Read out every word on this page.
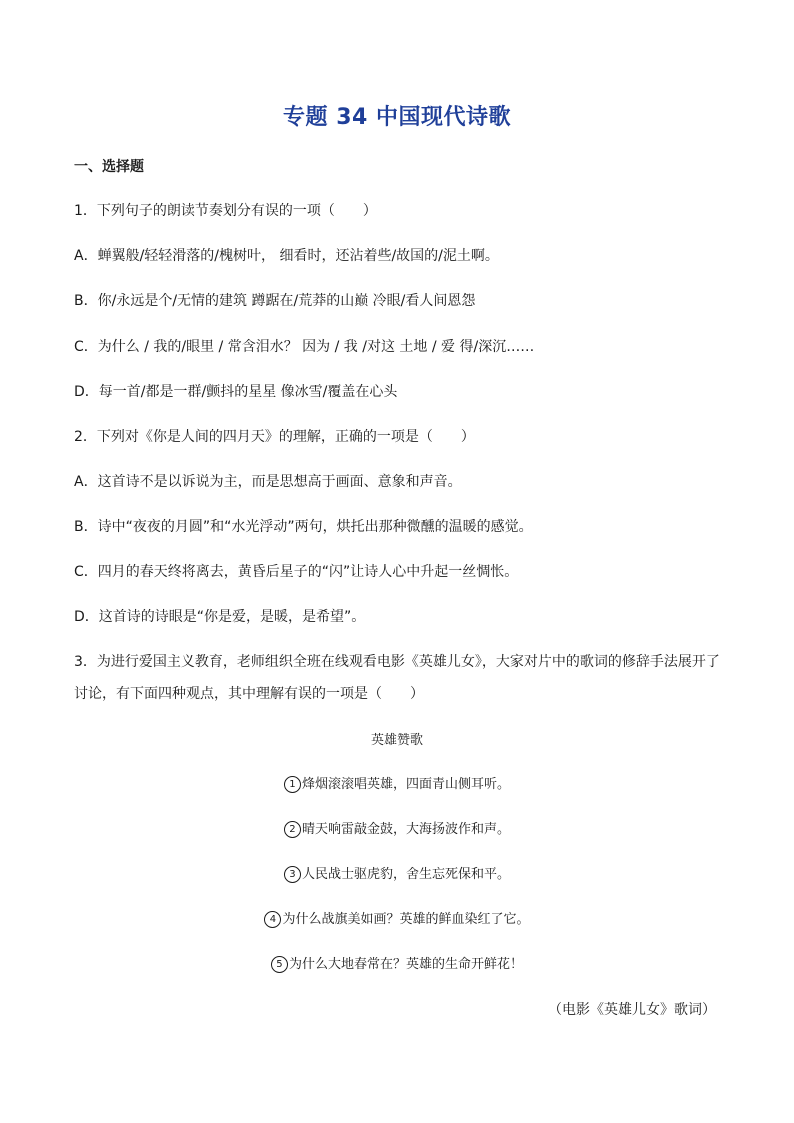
专题 34 中国现代诗歌
一、选择题
1．下列句子的朗读节奏划分有误的一项（　　）
A．蝉翼般/轻轻滑落的/槐树叶， 细看时，还沾着些/故国的/泥土啊。
B．你/永远是个/无情的建筑 蹲踞在/荒莽的山巅 冷眼/看人间恩怨
C．为什么 / 我的/眼里 / 常含泪水？ 因为 / 我 /对这 土地 / 爱 得/深沉……
D．每一首/都是一群/颤抖的星星 像冰雪/覆盖在心头
2．下列对《你是人间的四月天》的理解，正确的一项是（　　）
A．这首诗不是以诉说为主，而是思想高于画面、意象和声音。
B．诗中“夜夜的月圆”和“水光浮动”两句，烘托出那种微醺的温暖的感觉。
C．四月的春天终将离去，黄昏后星子的“闪”让诗人心中升起一丝惆怅。
D．这首诗的诗眼是“你是爱，是暖，是希望”。
3．为进行爱国主义教育，老师组织全班在线观看电影《英雄儿女》，大家对片中的歌词的修辞手法展开了讨论，有下面四种观点，其中理解有误的一项是（　　）
英雄赞歌
1 烽烟滚滚唱英雄，四面青山侧耳听。
2 晴天响雷敲金鼓，大海扬波作和声。
3 人民战士驱虎豹，舍生忘死保和平。
4 为什么战旗美如画？英雄的鲜血染红了它。
5 为什么大地春常在？英雄的生命开鲜花！
（电影《英雄儿女》歌词）
